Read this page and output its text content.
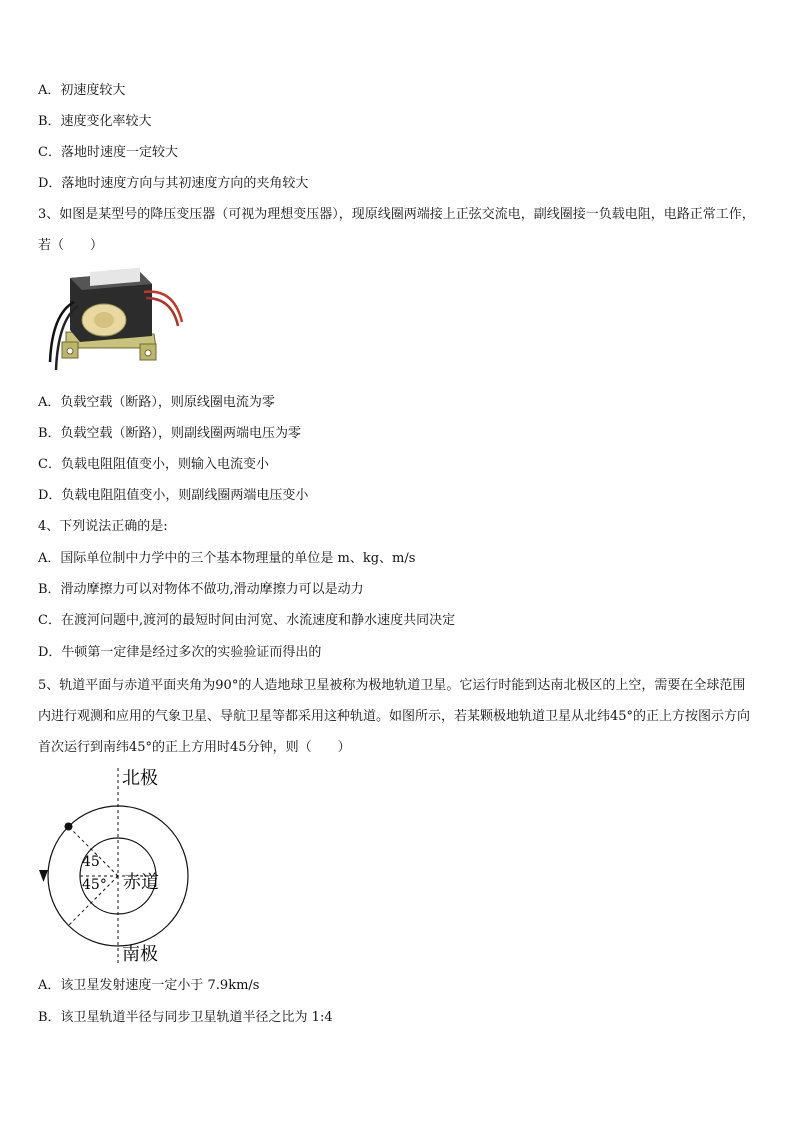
A．初速度较大
B．速度变化率较大
C．落地时速度一定较大
D．落地时速度方向与其初速度方向的夹角较大
3、如图是某型号的降压变压器（可视为理想变压器），现原线圈两端接上正弦交流电，副线圈接一负载电阻，电路正常工作，若（　　）
A．负载空载（断路），则原线圈电流为零
B．负载空载（断路），则副线圈两端电压为零
C．负载电阻阻值变小，则输入电流变小
D．负载电阻阻值变小，则副线圈两端电压变小
4、下列说法正确的是:
A．国际单位制中力学中的三个基本物理量的单位是 m、kg、m/s
B．滑动摩擦力可以对物体不做功,滑动摩擦力可以是动力
C．在渡河问题中,渡河的最短时间由河宽、水流速度和静水速度共同决定
D．牛顿第一定律是经过多次的实验验证而得出的
5、轨道平面与赤道平面夹角为90°的人造地球卫星被称为极地轨道卫星。它运行时能到达南北极区的上空，需要在全球范围内进行观测和应用的气象卫星、导航卫星等都采用这种轨道。如图所示，若某颗极地轨道卫星从北纬45°的正上方按图示方向首次运行到南纬45°的正上方用时45分钟，则（　　）
北极
45
45° 赤道
南极
A．该卫星发射速度一定小于 7.9km/s
B．该卫星轨道半径与同步卫星轨道半径之比为 1:4
